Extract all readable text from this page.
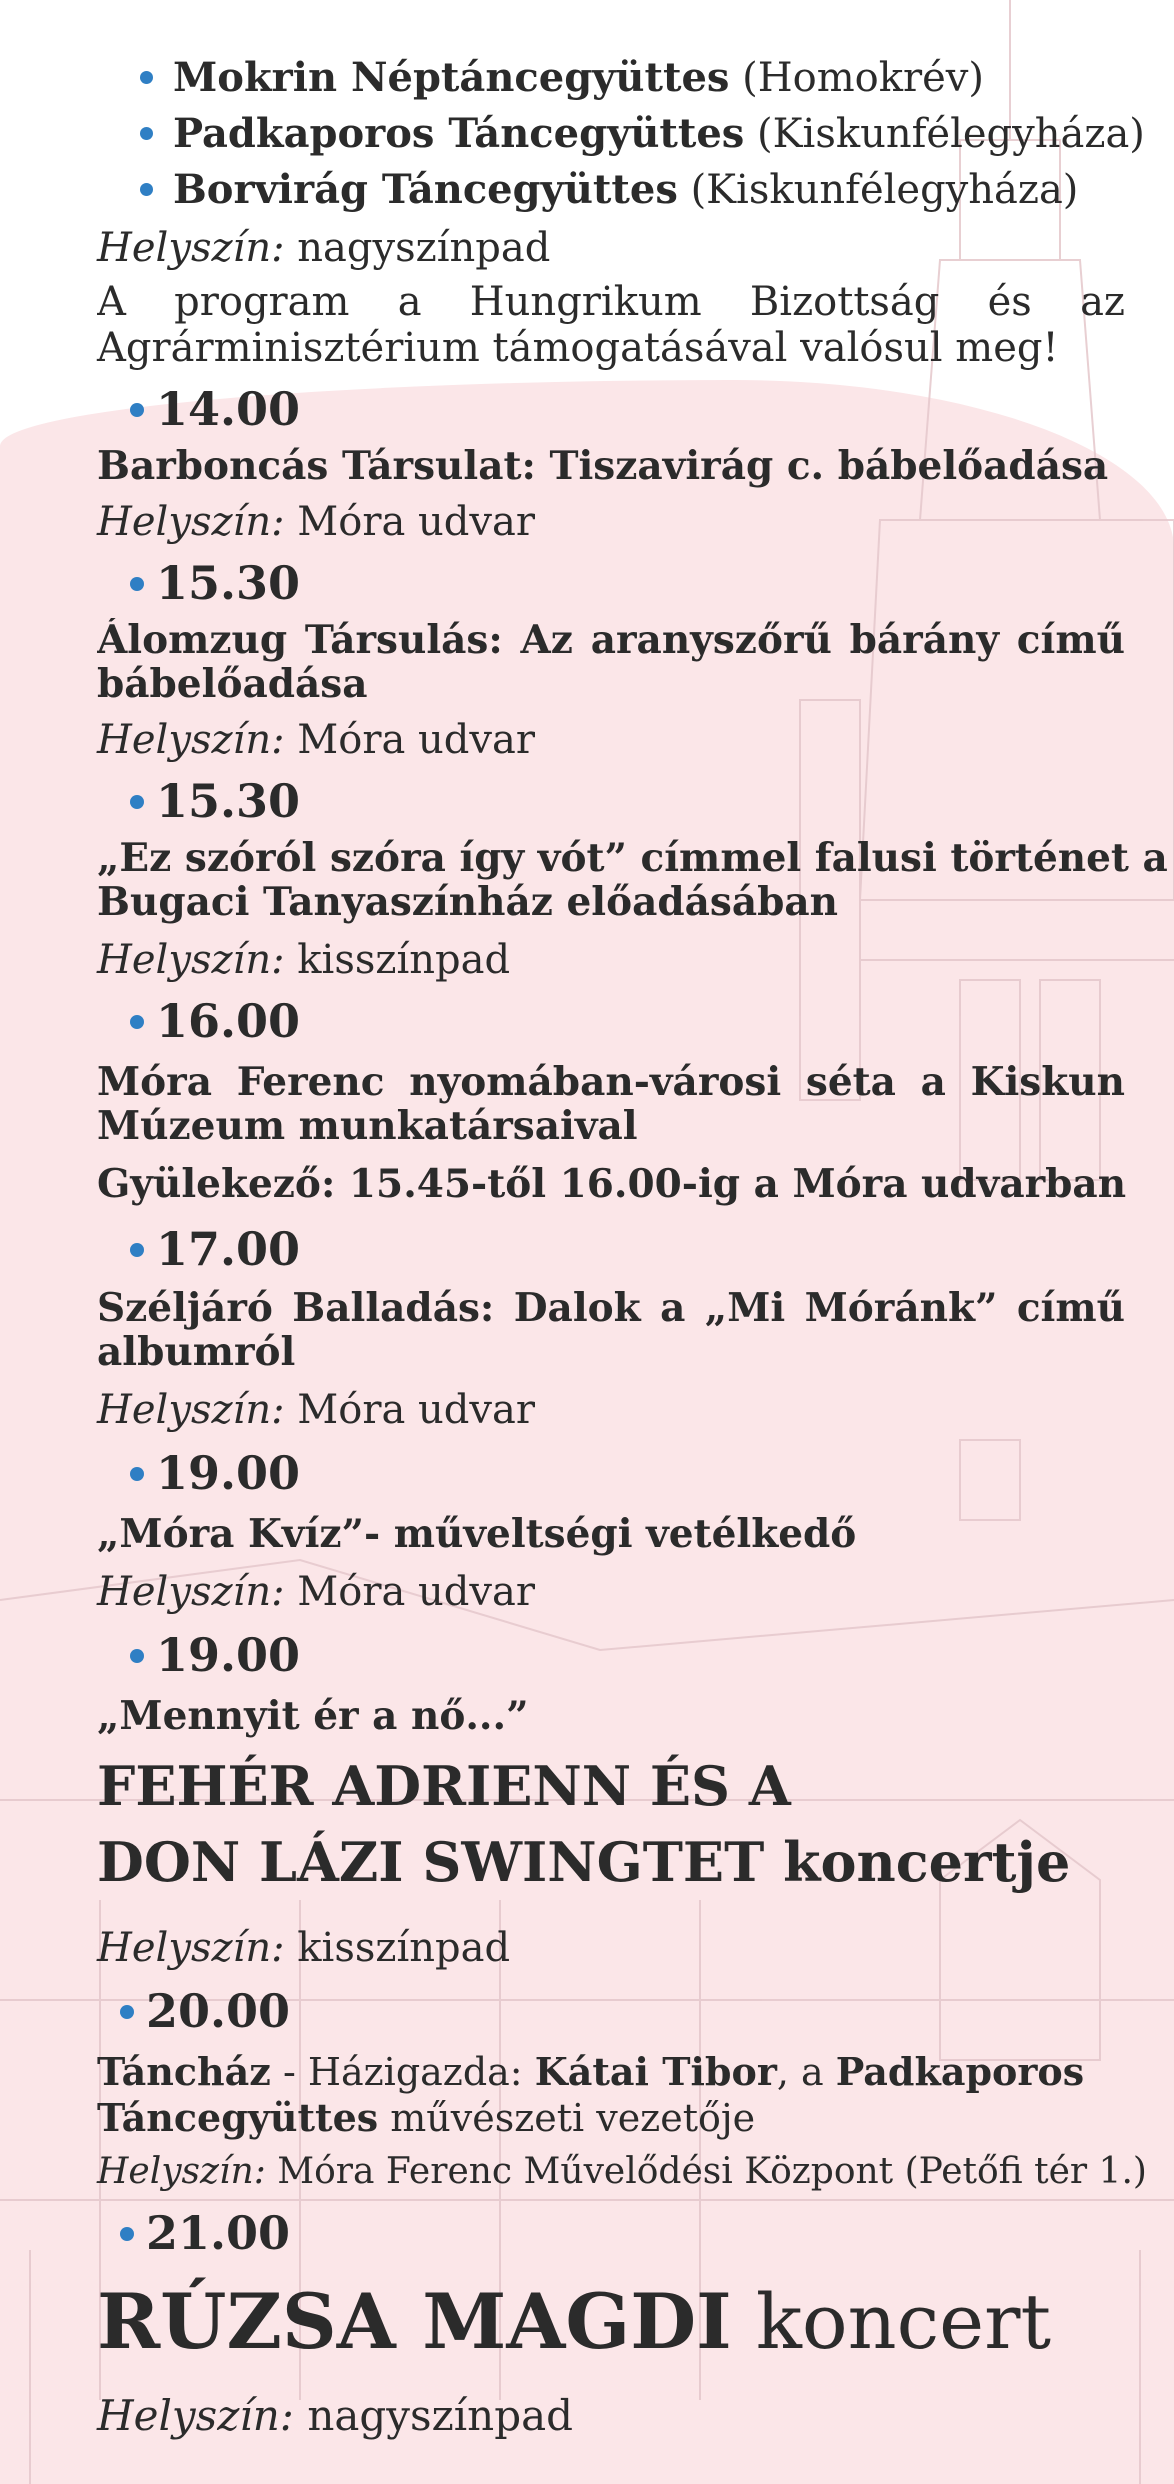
Mokrin Néptáncegyüttes (Homokrév)
Padkaporos Táncegyüttes (Kiskunfélegyháza)
Borvirág Táncegyüttes (Kiskunfélegyháza)
Helyszín: nagyszínpad
A program a Hungrikum Bizottság és az
Agrárminisztérium támogatásával valósul meg!
14.00
Barboncás Társulat: Tiszavirág c. bábelőadása
Helyszín: Móra udvar
15.30
Álomzug Társulás: Az aranyszőrű bárány című
bábelőadása
Helyszín: Móra udvar
15.30
„Ez szóról szóra így vót” címmel falusi történet a
Bugaci Tanyaszínház előadásában
Helyszín: kisszínpad
16.00
Móra Ferenc nyomában-városi séta a Kiskun
Múzeum munkatársaival
Gyülekező: 15.45-től 16.00-ig a Móra udvarban
17.00
Széljáró Balladás: Dalok a „Mi Móránk” című
albumról
Helyszín: Móra udvar
19.00
„Móra Kvíz”- műveltségi vetélkedő
Helyszín: Móra udvar
19.00
„Mennyit ér a nő...”
FEHÉR ADRIENN ÉS A
DON LÁZI SWINGTET koncertje
Helyszín: kisszínpad
20.00
Táncház - Házigazda: Kátai Tibor, a Padkaporos
Táncegyüttes művészeti vezetője
Helyszín: Móra Ferenc Művelődési Központ (Petőfi tér 1.)
21.00
RÚZSA MAGDI koncert
Helyszín: nagyszínpad
